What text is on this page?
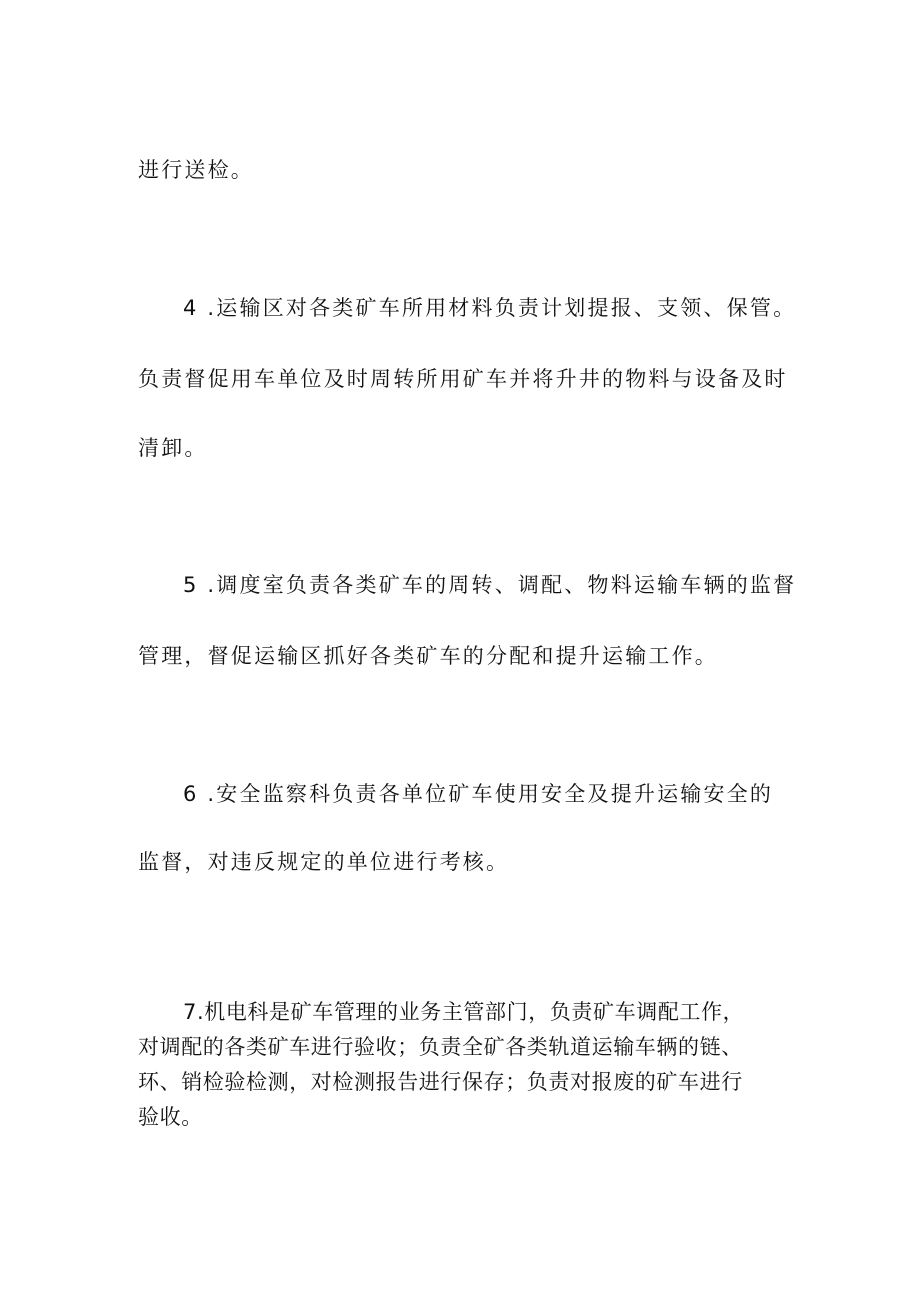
进行送检。
4 .运输区对各类矿车所用材料负责计划提报、支领、保管。
负责督促用车单位及时周转所用矿车并将升井的物料与设备及时
清卸。
5 .调度室负责各类矿车的周转、调配、物料运输车辆的监督
管理，督促运输区抓好各类矿车的分配和提升运输工作。
6 .安全监察科负责各单位矿车使用安全及提升运输安全的
监督，对违反规定的单位进行考核。
7.机电科是矿车管理的业务主管部门，负责矿车调配工作，
对调配的各类矿车进行验收；负责全矿各类轨道运输车辆的链、
环、销检验检测，对检测报告进行保存；负责对报废的矿车进行
验收。
